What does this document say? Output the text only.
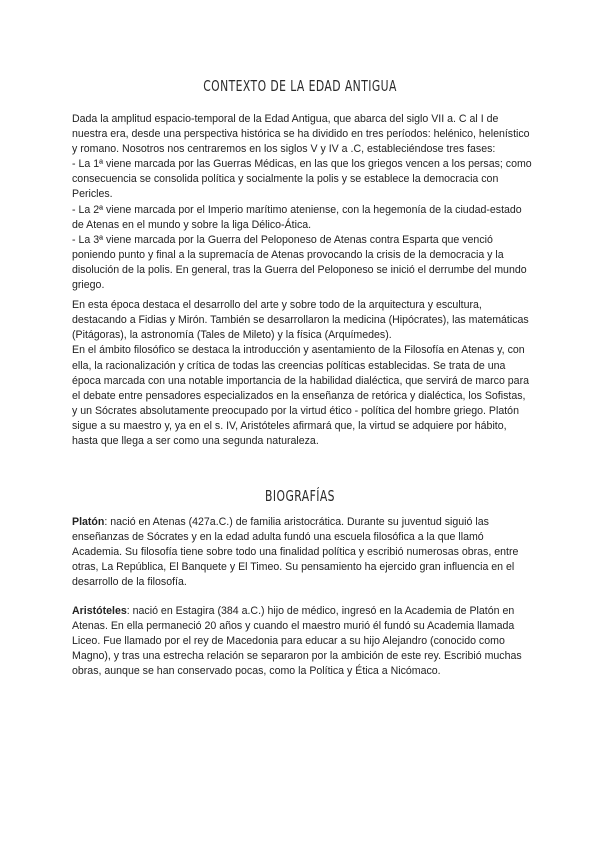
CONTEXTO DE LA EDAD ANTIGUA

Dada la amplitud espacio-temporal de la Edad Antigua, que abarca del siglo VII a. C al I de nuestra era, desde una perspectiva histórica se ha dividido en tres períodos: helénico, helenístico y romano. Nosotros nos centraremos en los siglos V y IV a .C, estableciéndose tres fases:

- La 1ª viene marcada por las Guerras Médicas, en las que los griegos vencen a los persas; como consecuencia se consolida política y socialmente la polis y se establece la democracia con Pericles.

- La 2ª viene marcada por el Imperio marítimo ateniense, con la hegemonía de la ciudad-estado de Atenas en el mundo y sobre la liga Délico-Ática.

- La 3ª viene marcada por la Guerra del Peloponeso de Atenas contra Esparta que venció poniendo punto y final a la supremacía de Atenas provocando la crisis de la democracia y la disolución de la polis. En general, tras la Guerra del Peloponeso se inició el derrumbe del mundo griego.

En esta época destaca el desarrollo del arte y sobre todo de la arquitectura y escultura, destacando a Fidias y Mirón. También se desarrollaron la medicina (Hipócrates), las matemáticas (Pitágoras), la astronomía (Tales de Mileto) y la física (Arquímedes).

En el ámbito filosófico se destaca la introducción y asentamiento de la Filosofía en Atenas y, con ella, la racionalización y crítica de todas las creencias políticas establecidas. Se trata de una época marcada con una notable importancia de la habilidad dialéctica, que servirá de marco para el debate entre pensadores especializados en la enseñanza de retórica y dialéctica, los Sofistas, y un Sócrates absolutamente preocupado por la virtud ético - política del hombre griego. Platón sigue a su maestro y, ya en el s. IV, Aristóteles afirmará que, la virtud se adquiere por hábito, hasta que llega a ser como una segunda naturaleza.

BIOGRAFÍAS

Platón: nació en Atenas (427a.C.) de familia aristocrática. Durante su juventud siguió las enseñanzas de Sócrates y en la edad adulta fundó una escuela filosófica a la que llamó Academia. Su filosofía tiene sobre todo una finalidad política y escribió numerosas obras, entre otras, La República, El Banquete y El Timeo. Su pensamiento ha ejercido gran influencia en el desarrollo de la filosofía.

Aristóteles: nació en Estagira (384 a.C.) hijo de médico, ingresó en la Academia de Platón en Atenas. En ella permaneció 20 años y cuando el maestro murió él fundó su Academia llamada Liceo. Fue llamado por el rey de Macedonia para educar a su hijo Alejandro (conocido como Magno), y tras una estrecha relación se separaron por la ambición de este rey. Escribió muchas obras, aunque se han conservado pocas, como la Política y Ética a Nicómaco.
